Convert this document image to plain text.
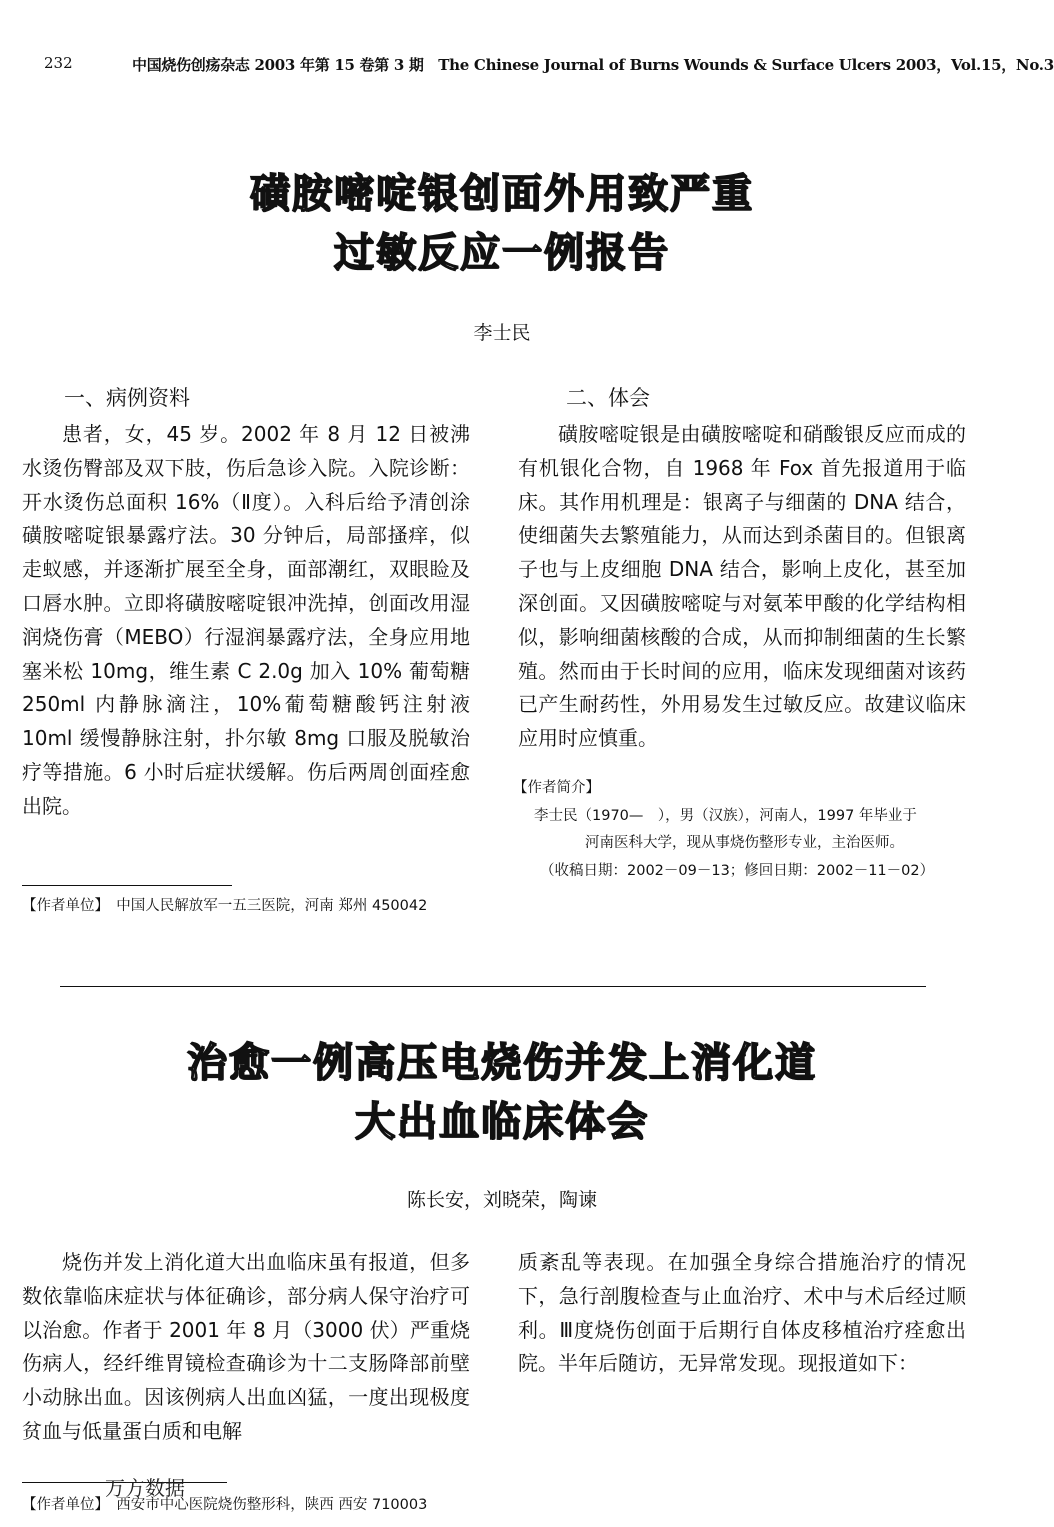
232	中国烧伤创疡杂志 2003 年第 15 卷第 3 期　The Chinese Journal of Burns Wounds & Surface Ulcers 2003，Vol.15，No.3
磺胺嘧啶银创面外用致严重
过敏反应一例报告
李士民
一、病例资料

患者，女，45 岁。2002 年 8 月 12 日被沸水烫伤臀部及双下肢，伤后急诊入院。入院诊断：开水烫伤总面积 16%（Ⅱ度）。入科后给予清创涂磺胺嘧啶银暴露疗法。30 分钟后，局部搔痒，似走蚁感，并逐渐扩展至全身，面部潮红，双眼睑及口唇水肿。立即将磺胺嘧啶银冲洗掉，创面改用湿润烧伤膏（MEBO）行湿润暴露疗法，全身应用地塞米松 10mg，维生素 C 2.0g 加入 10% 葡萄糖 250ml 内静脉滴注，10%葡萄糖酸钙注射液 10ml 缓慢静脉注射，扑尔敏 8mg 口服及脱敏治疗等措施。6 小时后症状缓解。伤后两周创面痊愈出院。

二、体会

磺胺嘧啶银是由磺胺嘧啶和硝酸银反应而成的有机银化合物，自 1968 年 Fox 首先报道用于临床。其作用机理是：银离子与细菌的 DNA 结合，使细菌失去繁殖能力，从而达到杀菌目的。但银离子也与上皮细胞 DNA 结合，影响上皮化，甚至加深创面。又因磺胺嘧啶与对氨苯甲酸的化学结构相似，影响细菌核酸的合成，从而抑制细菌的生长繁殖。然而由于长时间的应用，临床发现细菌对该药已产生耐药性，外用易发生过敏反应。故建议临床应用时应慎重。

【作者简介】
李士民（1970—　），男（汉族），河南人，1997 年毕业于
河南医科大学，现从事烧伤整形专业，主治医师。
（收稿日期：2002－09－13；修回日期：2002－11－02）
【作者单位】　中国人民解放军一五三医院，河南 郑州 450042
治愈一例高压电烧伤并发上消化道
大出血临床体会
陈长安，刘晓荣，陶谏

烧伤并发上消化道大出血临床虽有报道，但多数依靠临床症状与体征确诊，部分病人保守治疗可以治愈。作者于 2001 年 8 月（3000 伏）严重烧伤病人，经纤维胃镜检查确诊为十二支肠降部前壁小动脉出血。因该例病人出血凶猛，一度出现极度贫血与低量蛋白质和电解

质紊乱等表现。在加强全身综合措施治疗的情况下，急行剖腹检查与止血治疗、术中与术后经过顺利。Ⅲ度烧伤创面于后期行自体皮移植治疗痊愈出院。半年后随访，无异常发现。现报道如下：

万方数据
【作者单位】　西安市中心医院烧伤整形科，陕西 西安 710003
